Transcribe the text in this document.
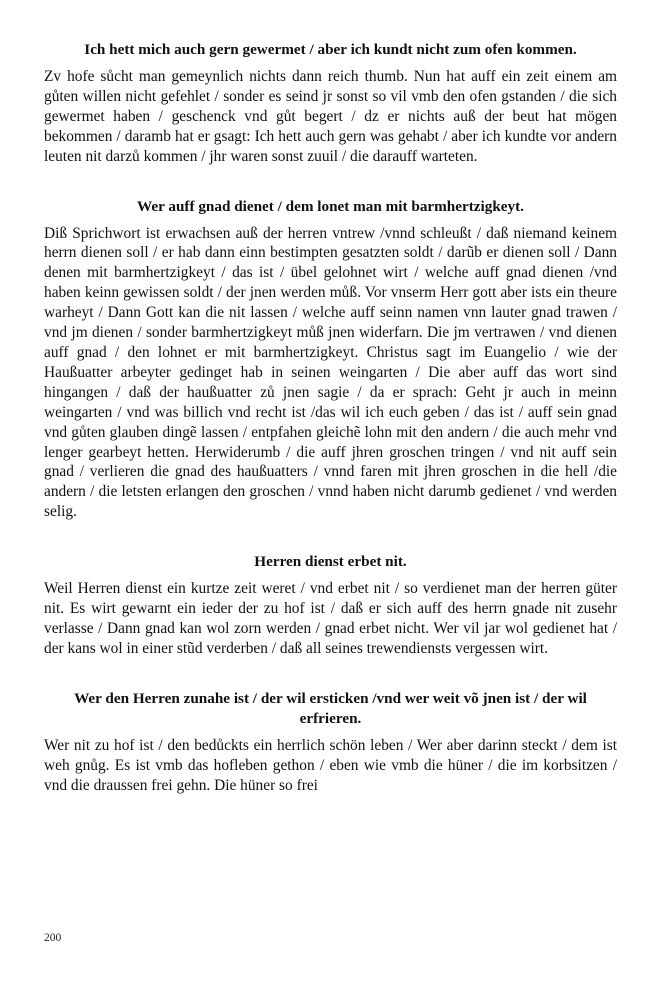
Ich hett mich auch gern gewermet / aber ich kundt nicht zum ofen kommen.

Zv hofe sůcht man gemeynlich nichts dann reich thumb. Nun hat auff ein zeit einem am gůten willen nicht gefehlet / sonder es seind jr sonst so vil vmb den ofen gstanden / die sich gewermet haben / geschenck vnd gůt begert / dz er nichts auß der beut hat mögen bekommen / daramb hat er gsagt: Ich hett auch gern was gehabt / aber ich kundte vor andern leuten nit darzů kommen / jhr waren sonst zuuil / die darauff warteten.

Wer auff gnad dienet / dem lonet man mit barmhertzigkeyt.

Diß Sprichwort ist erwachsen auß der herren vntrew /vnnd schleußt / daß niemand keinem herrn dienen soll / er hab dann einn bestimpten gesatzten soldt / darũb er dienen soll / Dann denen mit barmhertzigkeyt / das ist / übel gelohnet wirt / welche auff gnad dienen /vnd haben keinn gewissen soldt / der jnen werden můß. Vor vnserm Herr gott aber ists ein theure warheyt / Dann Gott kan die nit lassen / welche auff seinn namen vnn lauter gnad trawen / vnd jm dienen / sonder barmhertzigkeyt můß jnen widerfarn. Die jm vertrawen / vnd dienen auff gnad / den lohnet er mit barmhertzigkeyt. Christus sagt im Euangelio / wie der Haußuatter arbeyter gedinget hab in seinen weingarten / Die aber auff das wort sind hingangen / daß der haußuatter zů jnen sagie / da er sprach: Geht jr auch in meinn weingarten / vnd was billich vnd recht ist /das wil ich euch geben / das ist / auff sein gnad vnd gůten glauben dingẽ lassen / entpfahen gleichẽ lohn mit den andern / die auch mehr vnd lenger gearbeyt hetten. Herwiderumb / die auff jhren groschen tringen / vnd nit auff sein gnad / verlieren die gnad des haußuatters / vnnd faren mit jhren groschen in die hell /die andern / die letsten erlangen den groschen / vnnd haben nicht darumb gedienet / vnd werden selig.

Herren dienst erbet nit.

Weil Herren dienst ein kurtze zeit weret / vnd erbet nit / so verdienet man der herren güter nit. Es wirt gewarnt ein ieder der zu hof ist / daß er sich auff des herrn gnade nit zusehr verlasse / Dann gnad kan wol zorn werden / gnad erbet nicht. Wer vil jar wol gedienet hat / der kans wol in einer stũd verderben / daß all seines trewendiensts vergessen wirt.

Wer den Herren zunahe ist / der wil ersticken /vnd wer weit võ jnen ist / der wil erfrieren.

Wer nit zu hof ist / den bedůckts ein herrlich schön leben / Wer aber darinn steckt / dem ist weh gnůg. Es ist vmb das hofleben gethon / eben wie vmb die hüner / die im korbsitzen / vnd die draussen frei gehn. Die hüner so frei

200
